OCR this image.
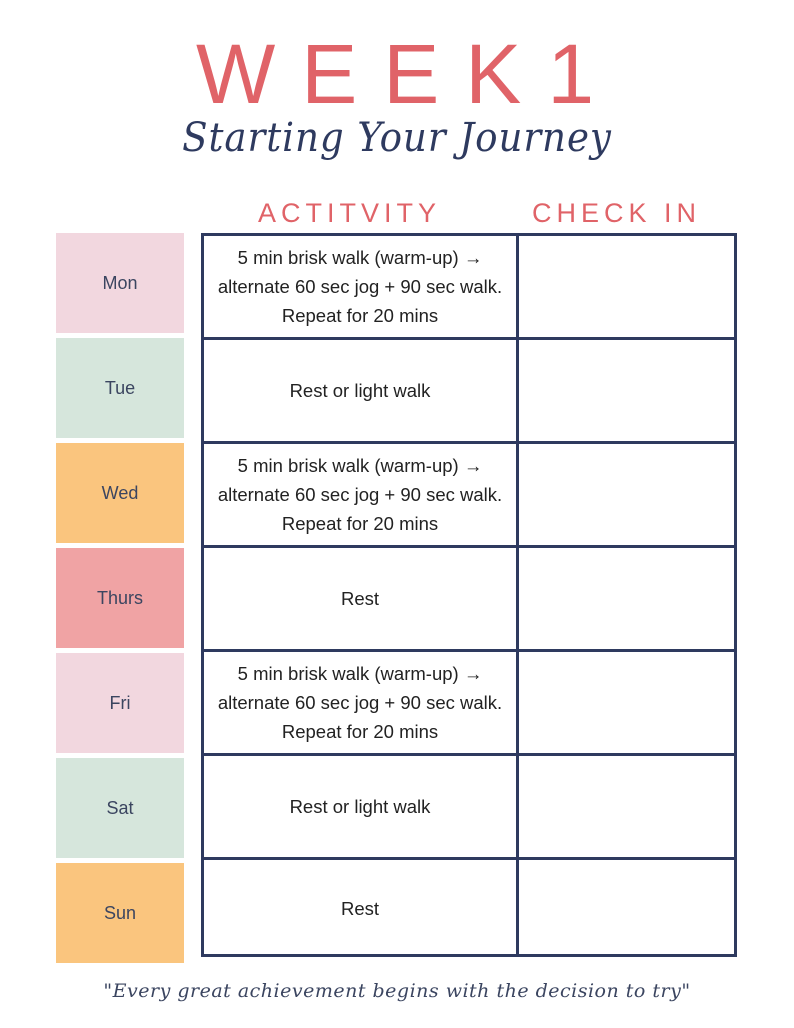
WEEK1
Starting Your Journey
ACTITVITY	CHECK IN
Mon
Tue
Wed
Thurs
Fri
Sat
Sun
5 min brisk walk (warm-up) → alternate 60 sec jog + 90 sec walk. Repeat for 20 mins
Rest or light walk
5 min brisk walk (warm-up) → alternate 60 sec jog + 90 sec walk. Repeat for 20 mins
Rest
5 min brisk walk (warm-up) → alternate 60 sec jog + 90 sec walk. Repeat for 20 mins
Rest or light walk
Rest
"Every great achievement begins with the decision to try"
